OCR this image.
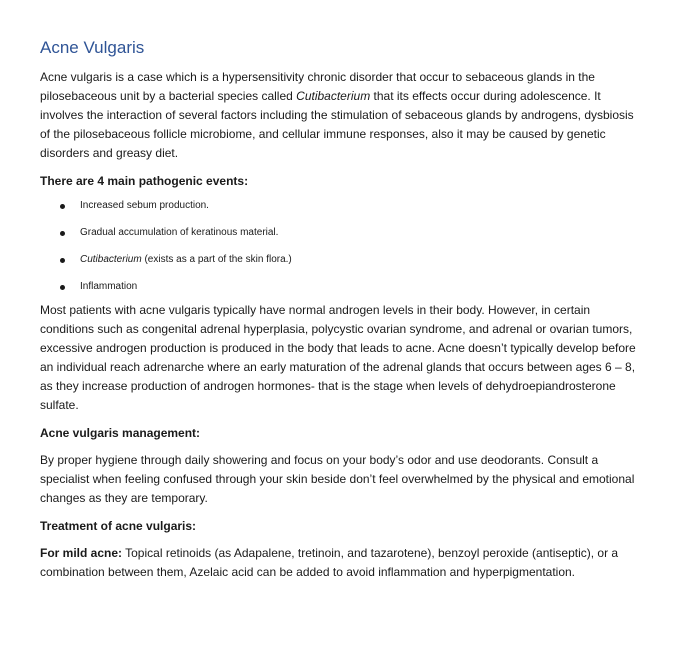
Acne Vulgaris

Acne vulgaris is a case which is a hypersensitivity chronic disorder that occur to sebaceous glands in the pilosebaceous unit by a bacterial species called Cutibacterium that its effects occur during adolescence. It involves the interaction of several factors including the stimulation of sebaceous glands by androgens, dysbiosis of the pilosebaceous follicle microbiome, and cellular immune responses, also it may be caused by genetic disorders and greasy diet.

There are 4 main pathogenic events:

Increased sebum production.
Gradual accumulation of keratinous material.
Cutibacterium (exists as a part of the skin flora.)
Inflammation

Most patients with acne vulgaris typically have normal androgen levels in their body. However, in certain conditions such as congenital adrenal hyperplasia, polycystic ovarian syndrome, and adrenal or ovarian tumors, excessive androgen production is produced in the body that leads to acne. Acne doesn’t typically develop before an individual reach adrenarche where an early maturation of the adrenal glands that occurs between ages 6 – 8, as they increase production of androgen hormones- that is the stage when levels of dehydroepiandrosterone sulfate.

Acne vulgaris management:

By proper hygiene through daily showering and focus on your body’s odor and use deodorants. Consult a specialist when feeling confused through your skin beside don’t feel overwhelmed by the physical and emotional changes as they are temporary.

Treatment of acne vulgaris:

For mild acne: Topical retinoids (as Adapalene, tretinoin, and tazarotene), benzoyl peroxide (antiseptic), or a combination between them, Azelaic acid can be added to avoid inflammation and hyperpigmentation.
